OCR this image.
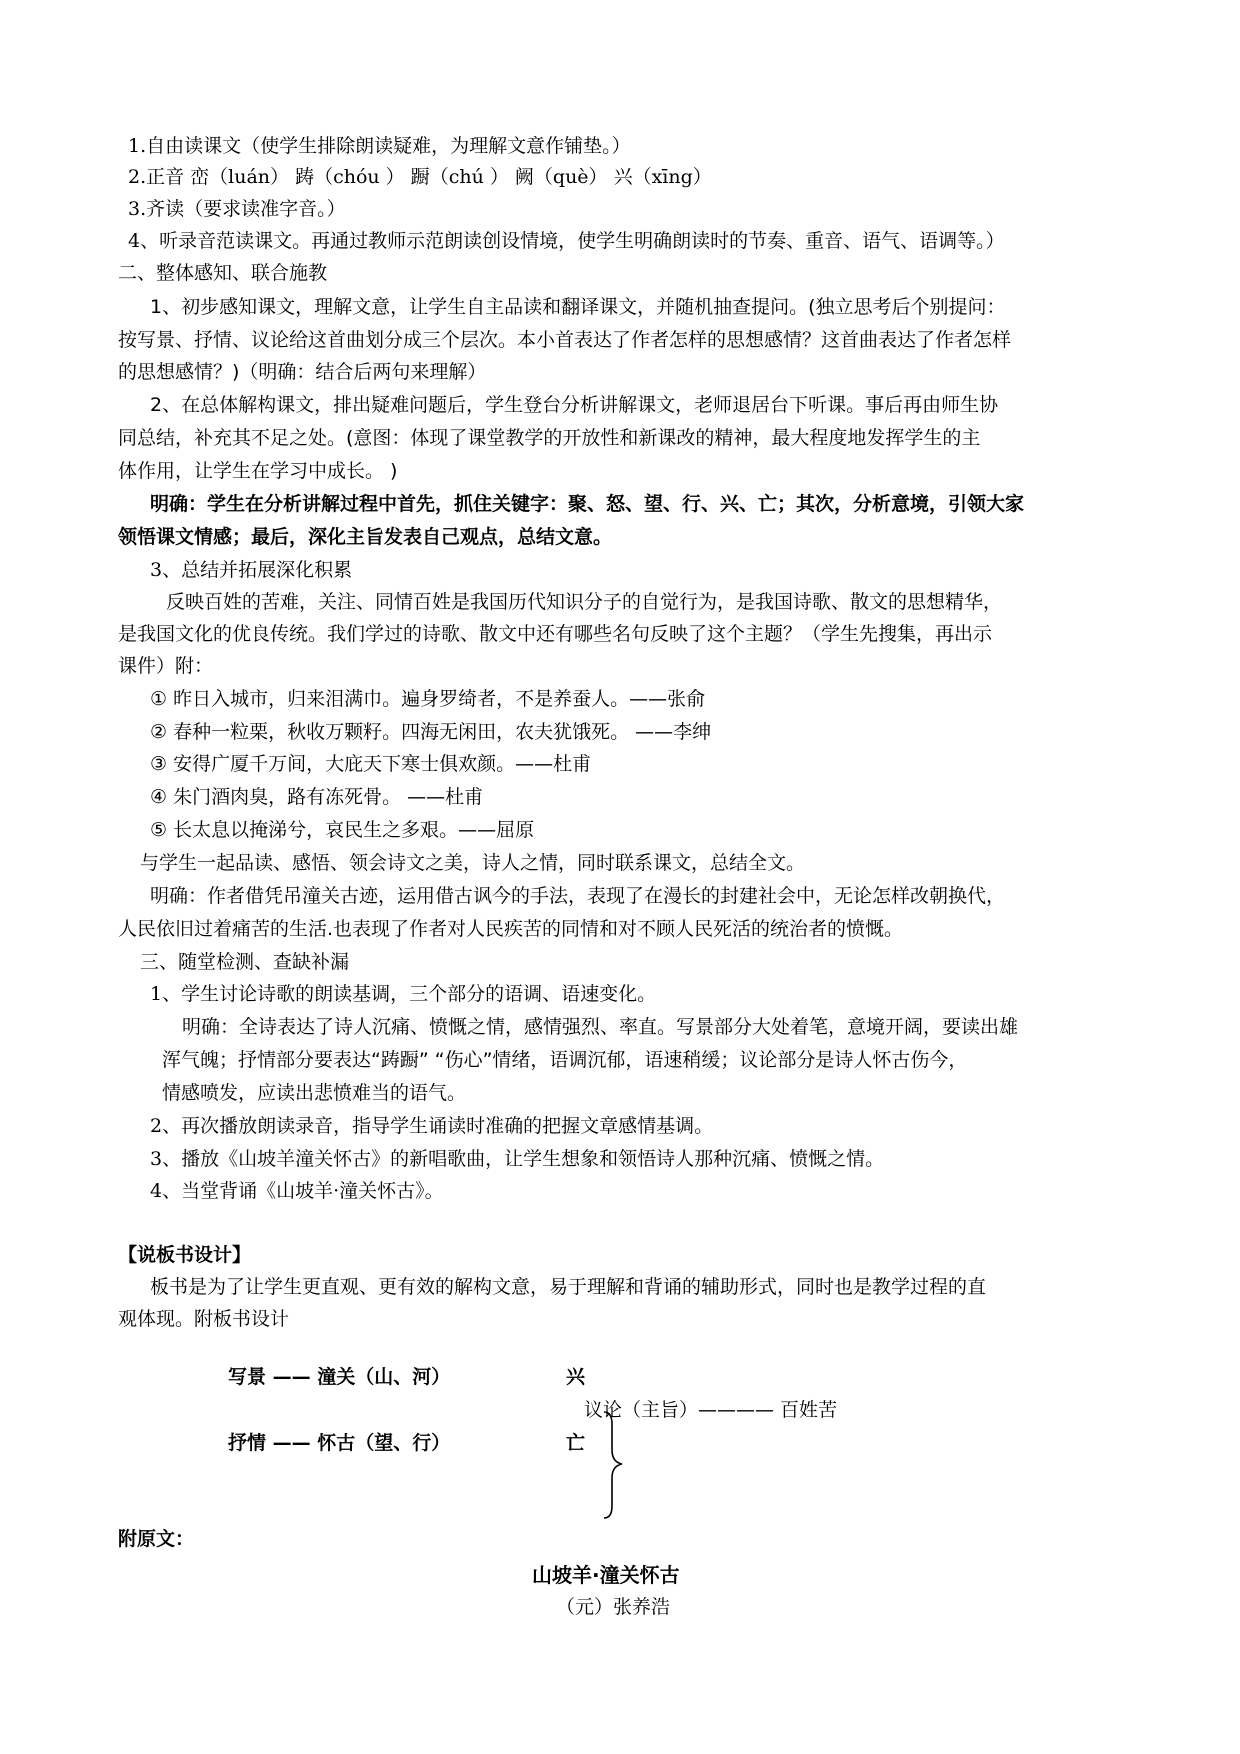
1.自由读课文（使学生排除朗读疑难，为理解文意作铺垫。）
2.正音 峦（luán） 踌（chóu ） 蹰（chú ） 阙（què） 兴（xīng）
3.齐读（要求读准字音。）
4、听录音范读课文。再通过教师示范朗读创设情境，使学生明确朗读时的节奏、重音、语气、语调等。）
二、整体感知、联合施教
1、初步感知课文，理解文意，让学生自主品读和翻译课文，并随机抽查提问。(独立思考后个别提问：
按写景、抒情、议论给这首曲划分成三个层次。本小首表达了作者怎样的思想感情？这首曲表达了作者怎样
的思想感情？)（明确：结合后两句来理解）
2、在总体解构课文，排出疑难问题后，学生登台分析讲解课文，老师退居台下听课。事后再由师生协
同总结，补充其不足之处。(意图：体现了课堂教学的开放性和新课改的精神，最大程度地发挥学生的主
体作用，让学生在学习中成长。 )
明确：学生在分析讲解过程中首先，抓住关键字：聚、怒、望、行、兴、亡；其次，分析意境，引领大家
领悟课文情感；最后，深化主旨发表自己观点，总结文意。
3、总结并拓展深化积累
反映百姓的苦难，关注、同情百姓是我国历代知识分子的自觉行为，是我国诗歌、散文的思想精华，
是我国文化的优良传统。我们学过的诗歌、散文中还有哪些名句反映了这个主题？（学生先搜集，再出示
课件）附：
① 昨日入城市，归来泪满巾。遍身罗绮者，不是养蚕人。——张俞
② 春种一粒栗，秋收万颗籽。四海无闲田，农夫犹饿死。 ——李绅
③ 安得广厦千万间，大庇天下寒士俱欢颜。——杜甫
④ 朱门酒肉臭，路有冻死骨。 ——杜甫
⑤ 长太息以掩涕兮，哀民生之多艰。——屈原
与学生一起品读、感悟、领会诗文之美，诗人之情，同时联系课文，总结全文。
明确：作者借凭吊潼关古迹，运用借古讽今的手法，表现了在漫长的封建社会中，无论怎样改朝换代，
人民依旧过着痛苦的生活.也表现了作者对人民疾苦的同情和对不顾人民死活的统治者的愤慨。
三、随堂检测、查缺补漏
1、学生讨论诗歌的朗读基调，三个部分的语调、语速变化。
明确：全诗表达了诗人沉痛、愤慨之情，感情强烈、率直。写景部分大处着笔，意境开阔，要读出雄
浑气魄；抒情部分要表达“踌蹰” “伤心”情绪，语调沉郁，语速稍缓；议论部分是诗人怀古伤今，
情感喷发，应读出悲愤难当的语气。
2、再次播放朗读录音，指导学生诵读时准确的把握文章感情基调。
3、播放《山坡羊潼关怀古》的新唱歌曲，让学生想象和领悟诗人那种沉痛、愤慨之情。
4、当堂背诵《山坡羊·潼关怀古》。
【说板书设计】
板书是为了让学生更直观、更有效的解构文意，易于理解和背诵的辅助形式，同时也是教学过程的直
观体现。附板书设计
写景 —— 潼关（山、河）
抒情 —— 怀古（望、行）
兴
亡
议论（主旨）———— 百姓苦
附原文：
山坡羊·潼关怀古
（元）张养浩
